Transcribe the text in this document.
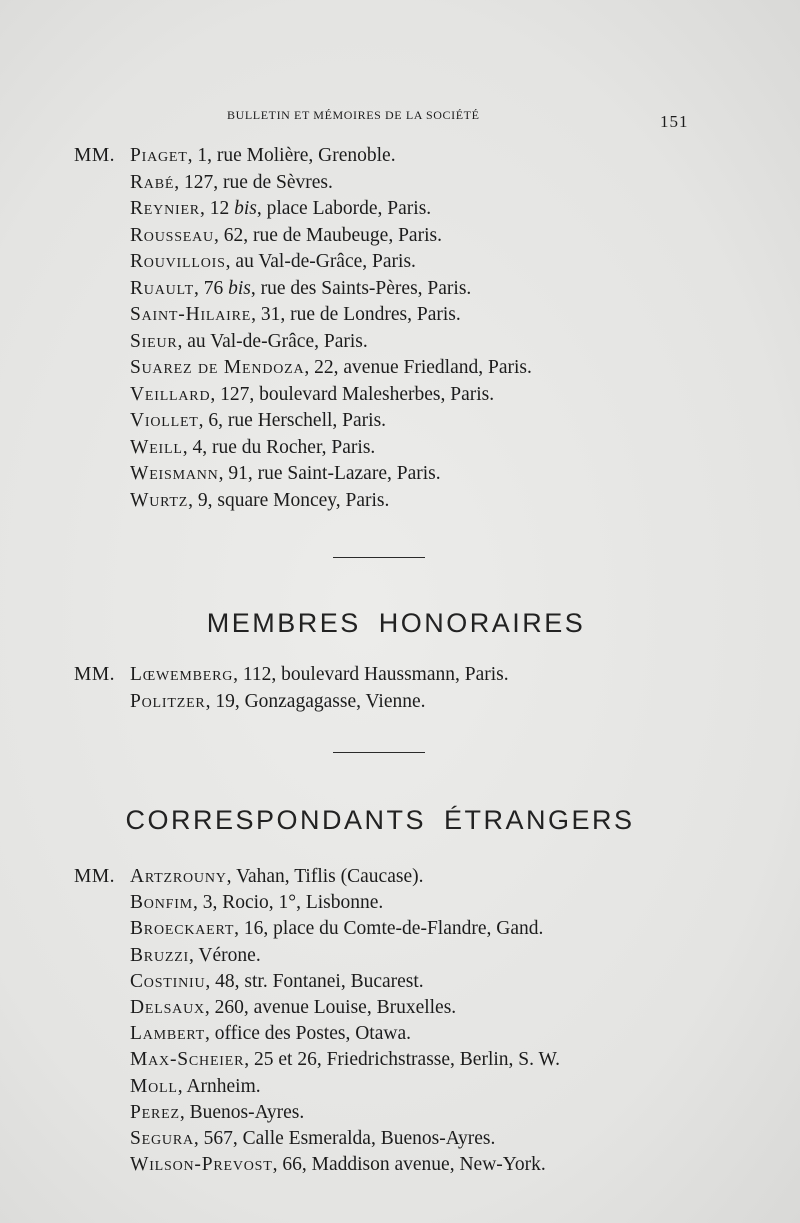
BULLETIN ET MÉMOIRES DE LA SOCIÉTÉ	151
MM. Piaget, 1, rue Molière, Grenoble.
Rabé, 127, rue de Sèvres.
Reynier, 12 bis, place Laborde, Paris.
Rousseau, 62, rue de Maubeuge, Paris.
Rouvillois, au Val-de-Grâce, Paris.
Ruault, 76 bis, rue des Saints-Pères, Paris.
Saint-Hilaire, 31, rue de Londres, Paris.
Sieur, au Val-de-Grâce, Paris.
Suarez de Mendoza, 22, avenue Friedland, Paris.
Veillard, 127, boulevard Malesherbes, Paris.
Viollet, 6, rue Herschell, Paris.
Weill, 4, rue du Rocher, Paris.
Weismann, 91, rue Saint-Lazare, Paris.
Wurtz, 9, square Moncey, Paris.
MEMBRES HONORAIRES
MM. Lœwemberg, 112, boulevard Haussmann, Paris.
Politzer, 19, Gonzagagasse, Vienne.
CORRESPONDANTS ÉTRANGERS
MM. Artzrouny, Vahan, Tiflis (Caucase).
Bonfim, 3, Rocio, 1°, Lisbonne.
Broeckaert, 16, place du Comte-de-Flandre, Gand.
Bruzzi, Vérone.
Costiniu, 48, str. Fontanei, Bucarest.
Delsaux, 260, avenue Louise, Bruxelles.
Lambert, office des Postes, Otawa.
Max-Scheier, 25 et 26, Friedrichstrasse, Berlin, S. W.
Moll, Arnheim.
Perez, Buenos-Ayres.
Segura, 567, Calle Esmeralda, Buenos-Ayres.
Wilson-Prevost, 66, Maddison avenue, New-York.
